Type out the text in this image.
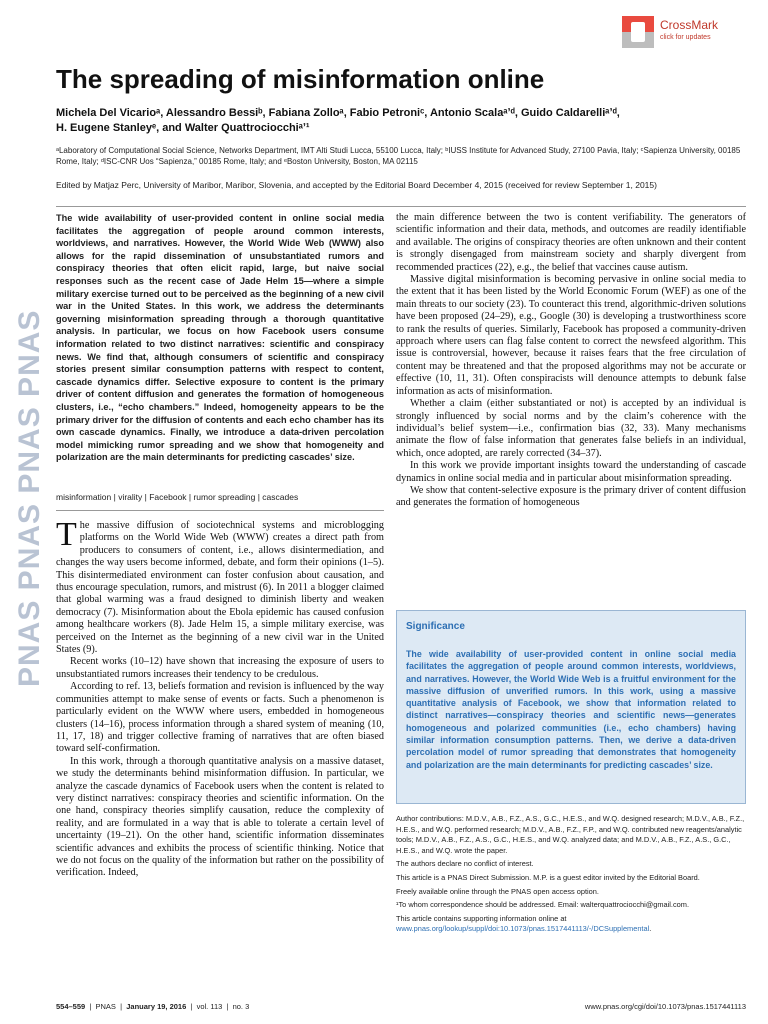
PNAS PNAS PNAS PNAS
CrossMark
click for updates
The spreading of misinformation online
Michela Del Vicarioᵃ, Alessandro Bessiᵇ, Fabiana Zolloᵃ, Fabio Petroniᶜ, Antonio Scalaᵃʼᵈ, Guido Caldarelliᵃʼᵈ,
H. Eugene Stanleyᵉ, and Walter Quattrociocchiᵃʼ¹
ᵃLaboratory of Computational Social Science, Networks Department, IMT Alti Studi Lucca, 55100 Lucca, Italy; ᵇIUSS Institute for Advanced Study, 27100 Pavia, Italy; ᶜSapienza University, 00185 Rome, Italy; ᵈISC-CNR Uos “Sapienza,” 00185 Rome, Italy; and ᵉBoston University, Boston, MA 02115
Edited by Matjaz Perc, University of Maribor, Maribor, Slovenia, and accepted by the Editorial Board December 4, 2015 (received for review September 1, 2015)
The wide availability of user-provided content in online social media facilitates the aggregation of people around common interests, worldviews, and narratives. However, the World Wide Web (WWW) also allows for the rapid dissemination of unsubstantiated rumors and conspiracy theories that often elicit rapid, large, but naive social responses such as the recent case of Jade Helm 15—where a simple military exercise turned out to be perceived as the beginning of a new civil war in the United States. In this work, we address the determinants governing misinformation spreading through a thorough quantitative analysis. In particular, we focus on how Facebook users consume information related to two distinct narratives: scientific and conspiracy news. We find that, although consumers of scientific and conspiracy stories present similar consumption patterns with respect to content, cascade dynamics differ. Selective exposure to content is the primary driver of content diffusion and generates the formation of homogeneous clusters, i.e., “echo chambers.” Indeed, homogeneity appears to be the primary driver for the diffusion of contents and each echo chamber has its own cascade dynamics. Finally, we introduce a data-driven percolation model mimicking rumor spreading and we show that homogeneity and polarization are the main determinants for predicting cascades’ size.
misinformation | virality | Facebook | rumor spreading | cascades

The massive diffusion of sociotechnical systems and microblogging platforms on the World Wide Web (WWW) creates a direct path from producers to consumers of content, i.e., allows disintermediation, and changes the way users become informed, debate, and form their opinions (1–5). This disintermediated environment can foster confusion about causation, and thus encourage speculation, rumors, and mistrust (6). In 2011 a blogger claimed that global warming was a fraud designed to diminish liberty and weaken democracy (7). Misinformation about the Ebola epidemic has caused confusion among healthcare workers (8). Jade Helm 15, a simple military exercise, was perceived on the Internet as the beginning of a new civil war in the United States (9).

Recent works (10–12) have shown that increasing the exposure of users to unsubstantiated rumors increases their tendency to be credulous.

According to ref. 13, beliefs formation and revision is influenced by the way communities attempt to make sense of events or facts. Such a phenomenon is particularly evident on the WWW where users, embedded in homogeneous clusters (14–16), process information through a shared system of meaning (10, 11, 17, 18) and trigger collective framing of narratives that are often biased toward self-confirmation.

In this work, through a thorough quantitative analysis on a massive dataset, we study the determinants behind misinformation diffusion. In particular, we analyze the cascade dynamics of Facebook users when the content is related to very distinct narratives: conspiracy theories and scientific information. On the one hand, conspiracy theories simplify causation, reduce the complexity of reality, and are formulated in a way that is able to tolerate a certain level of uncertainty (19–21). On the other hand, scientific information disseminates scientific advances and exhibits the process of scientific thinking. Notice that we do not focus on the quality of the information but rather on the possibility of verification. Indeed,

the main difference between the two is content verifiability. The generators of scientific information and their data, methods, and outcomes are readily identifiable and available. The origins of conspiracy theories are often unknown and their content is strongly disengaged from mainstream society and sharply divergent from recommended practices (22), e.g., the belief that vaccines cause autism.

Massive digital misinformation is becoming pervasive in online social media to the extent that it has been listed by the World Economic Forum (WEF) as one of the main threats to our society (23). To counteract this trend, algorithmic-driven solutions have been proposed (24–29), e.g., Google (30) is developing a trustworthiness score to rank the results of queries. Similarly, Facebook has proposed a community-driven approach where users can flag false content to correct the newsfeed algorithm. This issue is controversial, however, because it raises fears that the free circulation of content may be threatened and that the proposed algorithms may not be accurate or effective (10, 11, 31). Often conspiracists will denounce attempts to debunk false information as acts of misinformation.

Whether a claim (either substantiated or not) is accepted by an individual is strongly influenced by social norms and by the claim’s coherence with the individual’s belief system—i.e., confirmation bias (32, 33). Many mechanisms animate the flow of false information that generates false beliefs in an individual, which, once adopted, are rarely corrected (34–37).

In this work we provide important insights toward the understanding of cascade dynamics in online social media and in particular about misinformation spreading.

We show that content-selective exposure is the primary driver of content diffusion and generates the formation of homogeneous

Significance
The wide availability of user-provided content in online social media facilitates the aggregation of people around common interests, worldviews, and narratives. However, the World Wide Web is a fruitful environment for the massive diffusion of unverified rumors. In this work, using a massive quantitative analysis of Facebook, we show that information related to distinct narratives—conspiracy theories and scientific news—generates homogeneous and polarized communities (i.e., echo chambers) having similar information consumption patterns. Then, we derive a data-driven percolation model of rumor spreading that demonstrates that homogeneity and polarization are the main determinants for predicting cascades’ size.

Author contributions: M.D.V., A.B., F.Z., A.S., G.C., H.E.S., and W.Q. designed research; M.D.V., A.B., F.Z., H.E.S., and W.Q. performed research; M.D.V., A.B., F.Z., F.P., and W.Q. contributed new reagents/analytic tools; M.D.V., A.B., F.Z., A.S., G.C., H.E.S., and W.Q. analyzed data; and M.D.V., A.B., F.Z., A.S., G.C., H.E.S., and W.Q. wrote the paper.

The authors declare no conflict of interest.

This article is a PNAS Direct Submission. M.P. is a guest editor invited by the Editorial Board.

Freely available online through the PNAS open access option.

¹To whom correspondence should be addressed. Email: walterquattrociocchi@gmail.com.

This article contains supporting information online at www.pnas.org/lookup/suppl/doi:10.1073/pnas.1517441113/-/DCSupplemental.

554–559  |  PNAS  |  January 19, 2016  |  vol. 113  |  no. 3	www.pnas.org/cgi/doi/10.1073/pnas.1517441113
